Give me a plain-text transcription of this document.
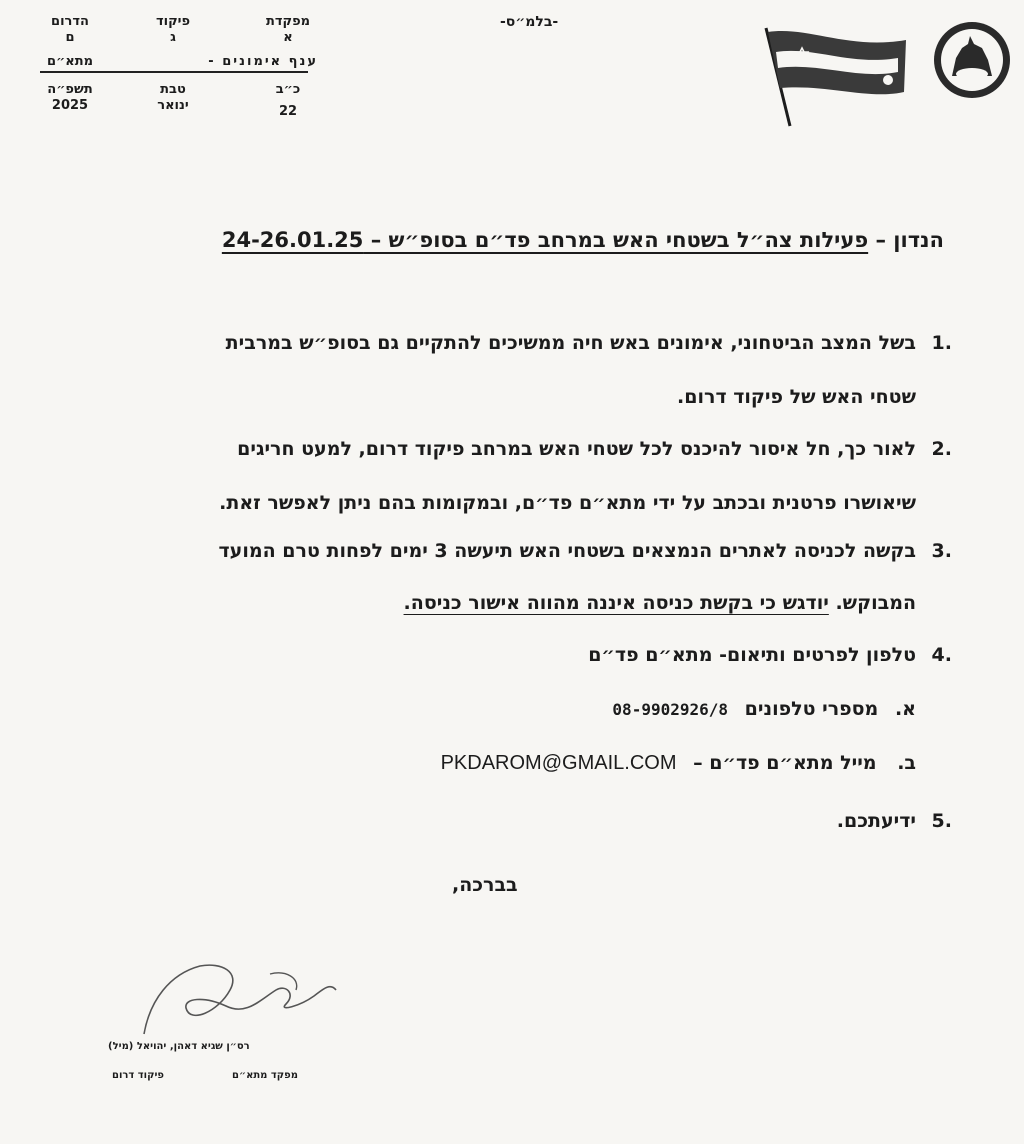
-בלמ״ס-
מפקדת
א
פיקוד
ג
הדרום
ם
ענף אימונים -
מתא״ם
כ״ב
22
טבת
ינואר
תשפ״ה
2025
הנדון – פעילות צה״ל בשטחי האש במרחב פד״ם בסופ״ש – 24-26.01.25
1.
בשל המצב הביטחוני, אימונים באש חיה ממשיכים להתקיים גם בסופ״ש במרבית
שטחי האש של פיקוד דרום.
2.
לאור כך, חל איסור להיכנס לכל שטחי האש במרחב פיקוד דרום, למעט חריגים
שיאושרו פרטנית ובכתב על ידי מתא״ם פד״ם, ובמקומות בהם ניתן לאפשר זאת.
3.
בקשה לכניסה לאתרים הנמצאים בשטחי האש תיעשה 3 ימים לפחות טרם המועד
המבוקש. יודגש כי בקשת כניסה איננה מהווה אישור כניסה.
4.
טלפון לפרטים ותיאום- מתא״ם פד״ם
א. מספרי טלפונים 08-9902926/8
ב. מייל מתא״ם פד״ם – PKDAROM@GMAIL.COM
5.
ידיעתכם.
בברכה,
רס״ן שגיא דאהן, יהויאל (מיל)
מפקד מתא״ם
פיקוד דרום
